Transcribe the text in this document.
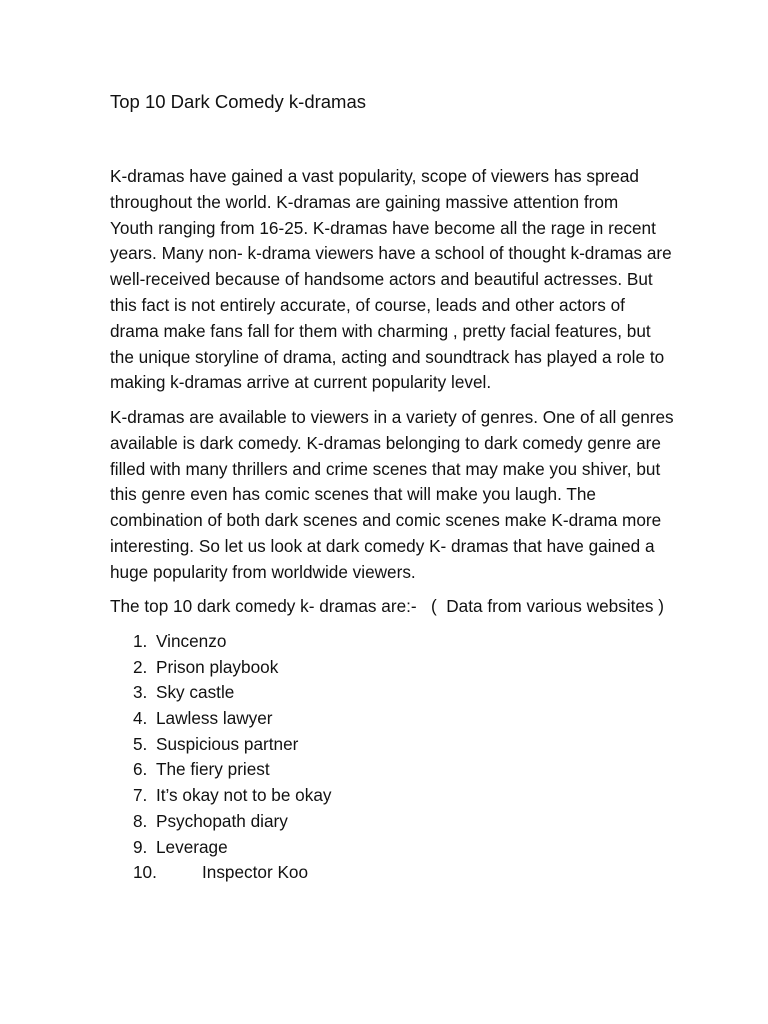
Top 10 Dark Comedy k-dramas

K-dramas have gained a vast popularity, scope of viewers has spread
throughout the world. K-dramas are gaining massive attention from
Youth ranging from 16-25. K-dramas have become all the rage in recent
years. Many non- k-drama viewers have a school of thought k-dramas are
well-received because of handsome actors and beautiful actresses. But
this fact is not entirely accurate, of course, leads and other actors of
drama make fans fall for them with charming , pretty facial features, but
the unique storyline of drama, acting and soundtrack has played a role to
making k-dramas arrive at current popularity level.

K-dramas are available to viewers in a variety of genres. One of all genres
available is dark comedy. K-dramas belonging to dark comedy genre are
filled with many thrillers and crime scenes that may make you shiver, but
this genre even has comic scenes that will make you laugh. The
combination of both dark scenes and comic scenes make K-drama more
interesting. So let us look at dark comedy K- dramas that have gained a
huge popularity from worldwide viewers.

The top 10 dark comedy k- dramas are:-   (  Data from various websites )

1. Vincenzo
2. Prison playbook
3. Sky castle
4. Lawless lawyer
5. Suspicious partner
6. The fiery priest
7. It’s okay not to be okay
8. Psychopath diary
9. Leverage
10.	Inspector Koo
